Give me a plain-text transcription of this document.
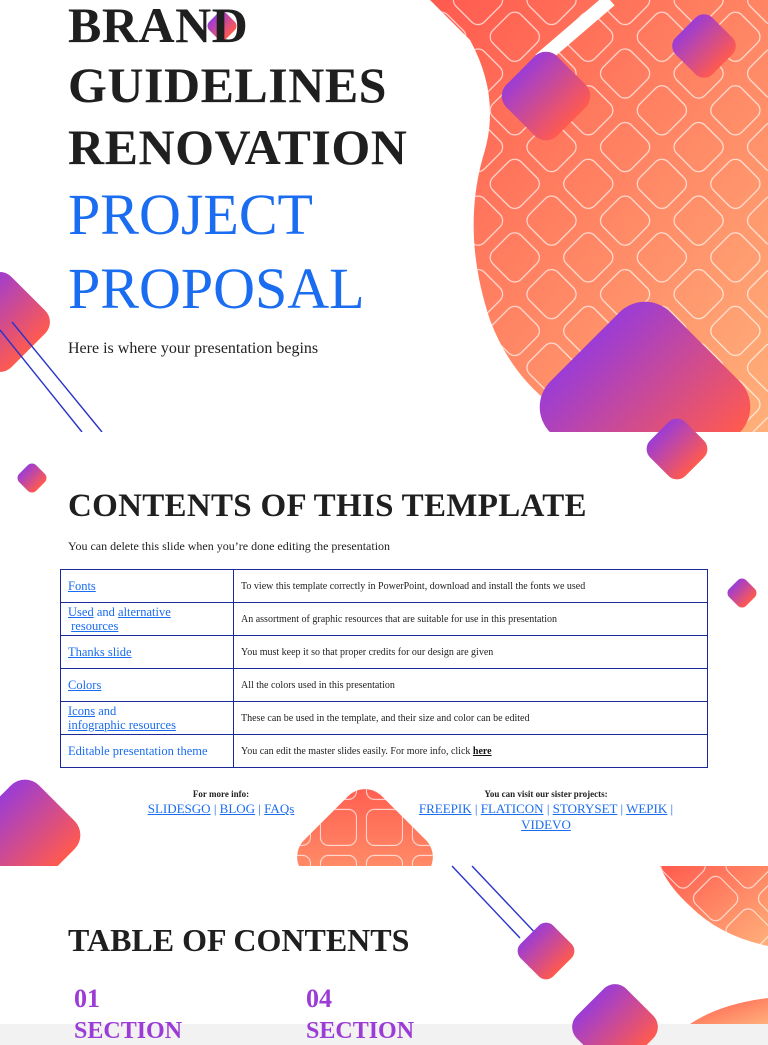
BRAND
GUIDELINES
RENOVATION
PROJECT
PROPOSAL
Here is where your presentation begins
CONTENTS OF THIS TEMPLATE
You can delete this slide when you’re done editing the presentation
Fonts	To view this template correctly in PowerPoint, download and install the fonts we used
Used and alternative
resources	An assortment of graphic resources that are suitable for use in this presentation
Thanks slide	You must keep it so that proper credits for our design are given
Colors	All the colors used in this presentation
Icons and
infographic resources	These can be used in the template, and their size and color can be edited
Editable presentation theme	You can edit the master slides easily. For more info, click here
For more info:
SLIDESGO | BLOG | FAQs
You can visit our sister projects:
FREEPIK | FLATICON | STORYSET | WEPIK |
VIDEVO
TABLE OF CONTENTS
01
SECTION
04
SECTION
